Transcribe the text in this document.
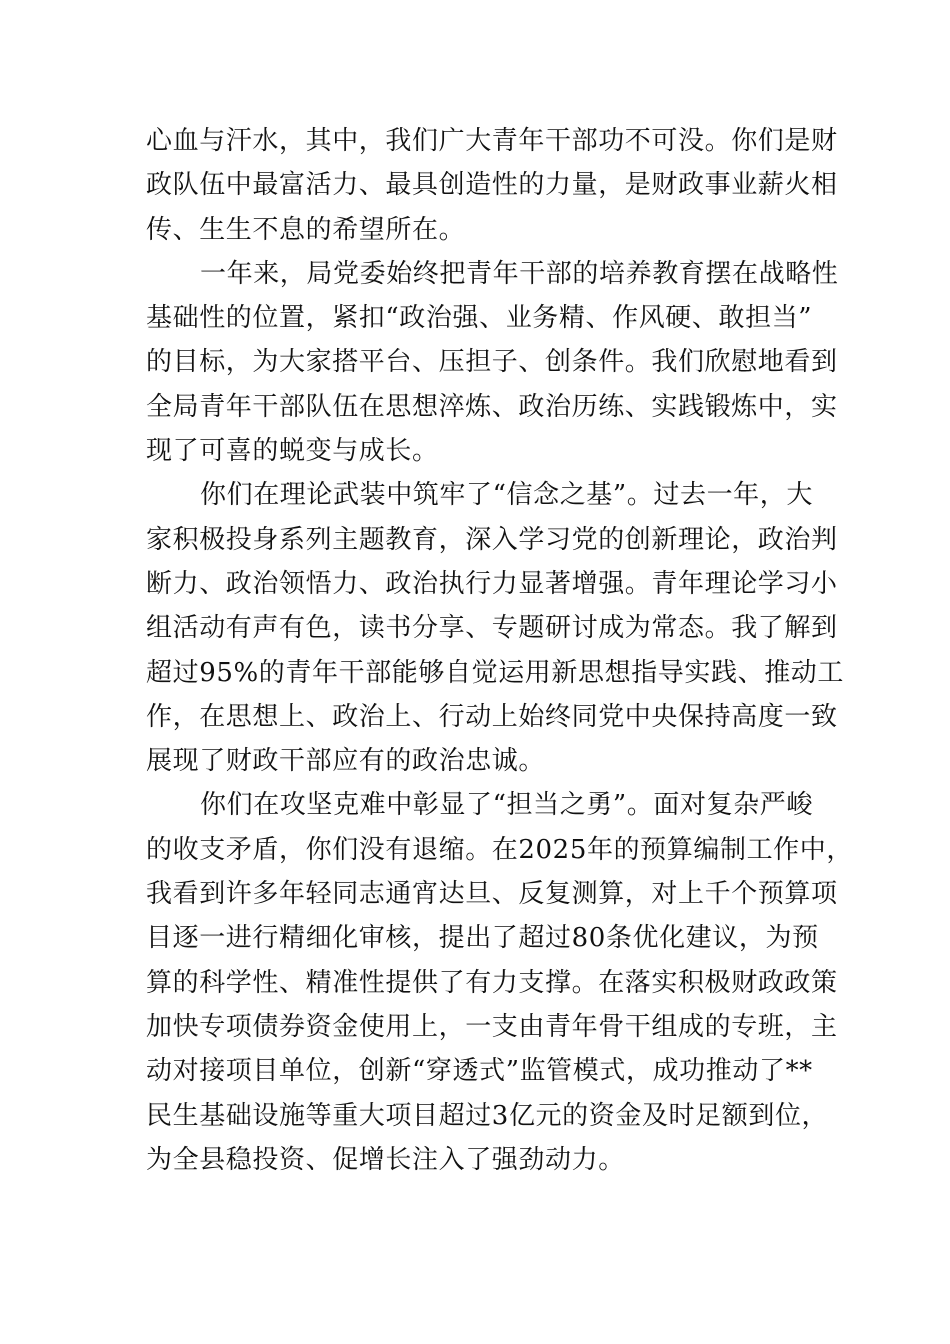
心血与汗水，其中，我们广大青年干部功不可没。你们是财
政队伍中最富活力、最具创造性的力量，是财政事业薪火相
传、生生不息的希望所在。
一年来，局党委始终把青年干部的培养教育摆在战略性
基础性的位置，紧扣“政治强、业务精、作风硬、敢担当”
的目标，为大家搭平台、压担子、创条件。我们欣慰地看到
全局青年干部队伍在思想淬炼、政治历练、实践锻炼中，实
现了可喜的蜕变与成长。
你们在理论武装中筑牢了“信念之基”。过去一年，大
家积极投身系列主题教育，深入学习党的创新理论，政治判
断力、政治领悟力、政治执行力显著增强。青年理论学习小
组活动有声有色，读书分享、专题研讨成为常态。我了解到
超过95%的青年干部能够自觉运用新思想指导实践、推动工
作，在思想上、政治上、行动上始终同党中央保持高度一致
展现了财政干部应有的政治忠诚。
你们在攻坚克难中彰显了“担当之勇”。面对复杂严峻
的收支矛盾，你们没有退缩。在2025年的预算编制工作中，
我看到许多年轻同志通宵达旦、反复测算，对上千个预算项
目逐一进行精细化审核，提出了超过80条优化建议，为预
算的科学性、精准性提供了有力支撑。在落实积极财政政策
加快专项债券资金使用上，一支由青年骨干组成的专班，主
动对接项目单位，创新“穿透式”监管模式，成功推动了**
民生基础设施等重大项目超过3亿元的资金及时足额到位，
为全县稳投资、促增长注入了强劲动力。
